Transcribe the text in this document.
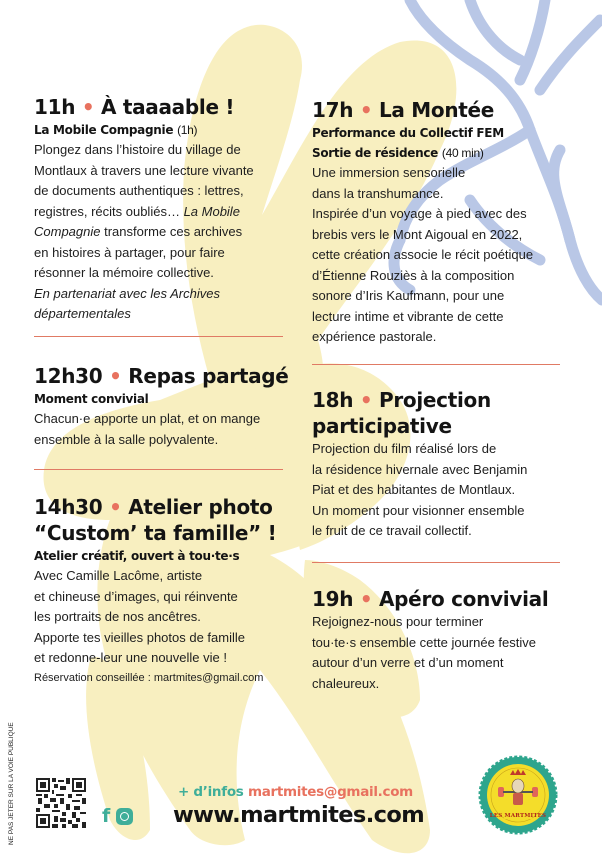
11h • À taaaable !

La Mobile Compagnie (1h)

Plongez dans l’histoire du village de
Montlaux à travers une lecture vivante
de documents authentiques : lettres,
registres, récits oubliés… La Mobile
Compagnie transforme ces archives
en histoires à partager, pour faire
résonner la mémoire collective.

En partenariat avec les Archives départementales

12h30 • Repas partagé

Moment convivial

Chacun·e apporte un plat, et on mange
ensemble à la salle polyvalente.

14h30 • Atelier photo
“Custom’ ta famille” !

Atelier créatif, ouvert à tou·te·s

Avec Camille Lacôme, artiste
et chineuse d’images, qui réinvente
les portraits de nos ancêtres.
Apporte tes vieilles photos de famille
et redonne-leur une nouvelle vie !

Réservation conseillée : martmites@gmail.com

17h • La Montée

Performance du Collectif FEM

Sortie de résidence (40 min)

Une immersion sensorielle
dans la transhumance.
Inspirée d’un voyage à pied avec des
brebis vers le Mont Aigoual en 2022,
cette création associe le récit poétique
d’Étienne Rouziès à la composition
sonore d’Iris Kaufmann, pour une
lecture intime et vibrante de cette
expérience pastorale.

18h • Projection
participative

Projection du film réalisé lors de
la résidence hivernale avec Benjamin
Piat et des habitantes de Montlaux.
Un moment pour visionner ensemble
le fruit de ce travail collectif.

19h • Apéro convivial

Rejoignez-nous pour terminer
tou·te·s ensemble cette journée festive
autour d’un verre et d’un moment
chaleureux.

NE PAS JETER SUR LA VOIE PUBLIQUE	f
+ d’infos martmites@gmail.com
www.martmites.com	LES MARTMITES
